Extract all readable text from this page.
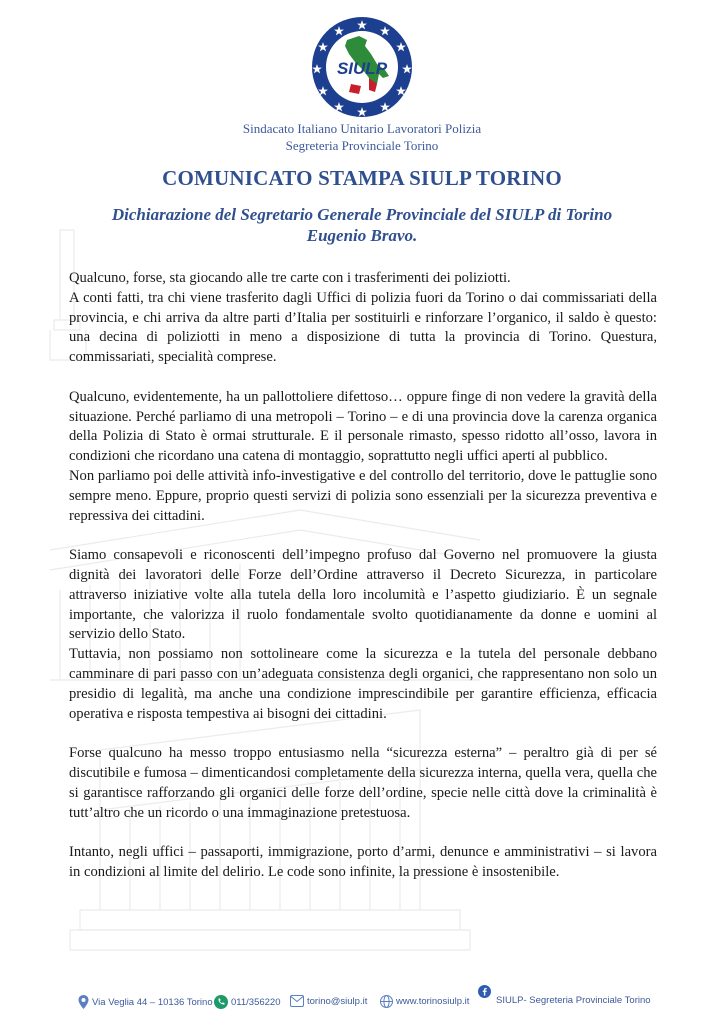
SIULP
Sindacato Italiano Unitario Lavoratori Polizia
Segreteria Provinciale Torino
COMUNICATO STAMPA SIULP TORINO
Dichiarazione del Segretario Generale Provinciale del SIULP di Torino
Eugenio Bravo.

Qualcuno, forse, sta giocando alle tre carte con i trasferimenti dei poliziotti.

A conti fatti, tra chi viene trasferito dagli Uffici di polizia fuori da Torino o dai commissariati della provincia, e chi arriva da altre parti d’Italia per sostituirli e rinforzare l’organico, il saldo è questo: una decina di poliziotti in meno a disposizione di tutta la provincia di Torino. Questura, commissariati, specialità comprese.

Qualcuno, evidentemente, ha un pallottoliere difettoso… oppure finge di non vedere la gravità della situazione. Perché parliamo di una metropoli – Torino – e di una provincia dove la carenza organica della Polizia di Stato è ormai strutturale. E il personale rimasto, spesso ridotto all’osso, lavora in condizioni che ricordano una catena di montaggio, soprattutto negli uffici aperti al pubblico.

Non parliamo poi delle attività info-investigative e del controllo del territorio, dove le pattuglie sono sempre meno. Eppure, proprio questi servizi di polizia sono essenziali per la sicurezza preventiva e repressiva dei cittadini.

Siamo consapevoli e riconoscenti dell’impegno profuso dal Governo nel promuovere la giusta dignità dei lavoratori delle Forze dell’Ordine attraverso il Decreto Sicurezza, in particolare attraverso iniziative volte alla tutela della loro incolumità e l’aspetto giudiziario. È un segnale importante, che valorizza il ruolo fondamentale svolto quotidianamente da donne e uomini al servizio dello Stato.

Tuttavia, non possiamo non sottolineare come la sicurezza e la tutela del personale debbano camminare di pari passo con un’adeguata consistenza degli organici, che rappresentano non solo un presidio di legalità, ma anche una condizione imprescindibile per garantire efficienza, efficacia operativa e risposta tempestiva ai bisogni dei cittadini.

Forse qualcuno ha messo troppo entusiasmo nella “sicurezza esterna” – peraltro già di per sé discutibile e fumosa – dimenticandosi completamente della sicurezza interna, quella vera, quella che si garantisce rafforzando gli organici delle forze dell’ordine, specie nelle città dove la criminalità è tutt’altro che un ricordo o una immaginazione pretestuosa.

Intanto, negli uffici – passaporti, immigrazione, porto d’armi, denunce e amministrativi – si lavora in condizioni al limite del delirio. Le code sono infinite, la pressione è insostenibile.

Via Veglia 44 – 10136 Torino 011/356220	torino@siulp.it	www.torinosiulp.it	SIULP- Segreteria Provinciale Torino
